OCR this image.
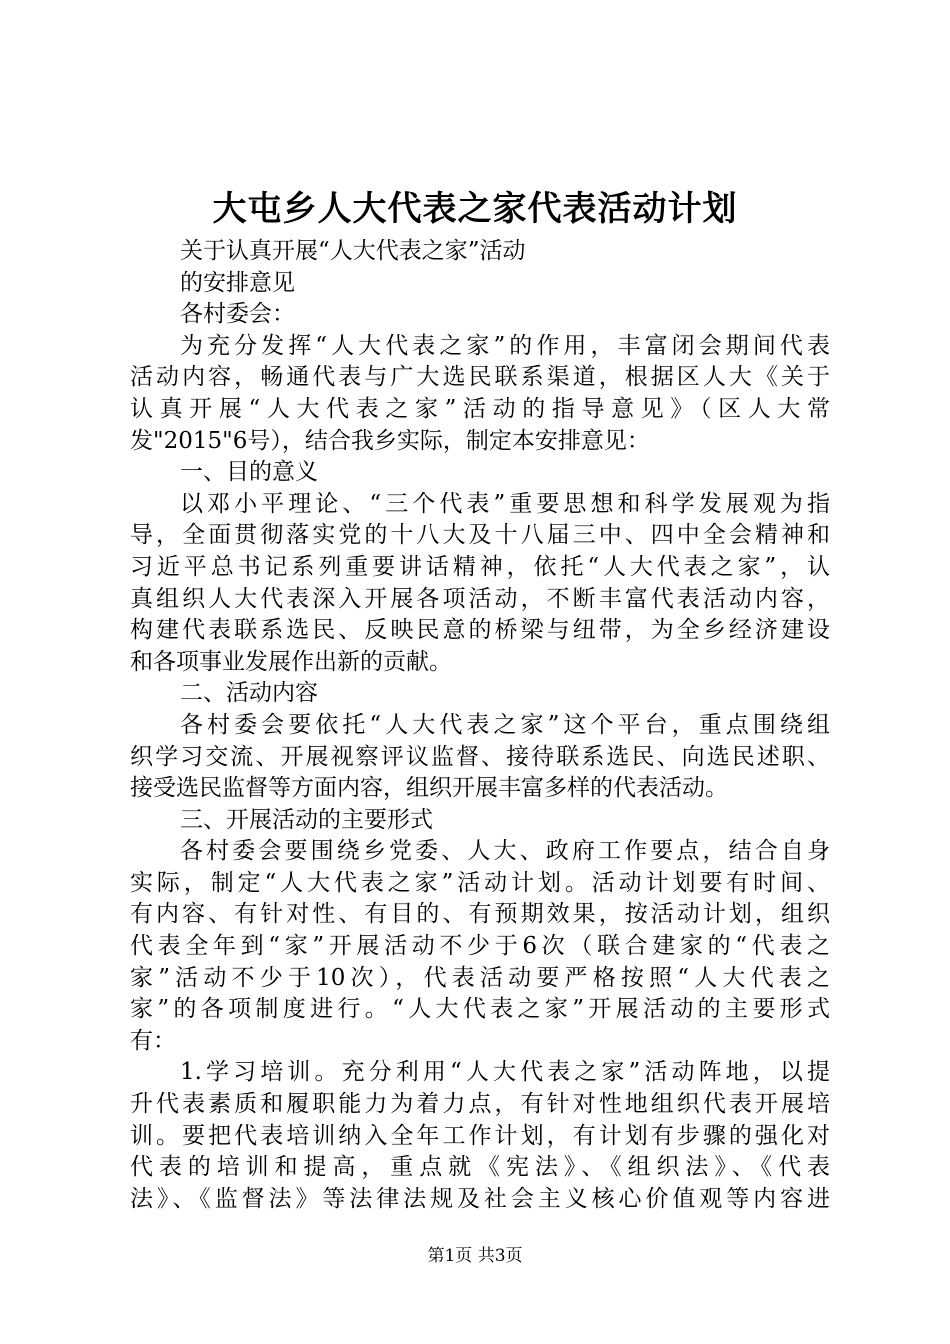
大屯乡人大代表之家代表活动计划
关于认真开展“人大代表之家”活动
的安排意见
各村委会：
为充分发挥“人大代表之家”的作用，丰富闭会期间代表
活动内容，畅通代表与广大选民联系渠道，根据区人大《关于
认真开展“人大代表之家”活动的指导意见》（区人大常
发"2015"6号），结合我乡实际，制定本安排意见：
一、目的意义
以邓小平理论、“三个代表”重要思想和科学发展观为指
导，全面贯彻落实党的十八大及十八届三中、四中全会精神和
习近平总书记系列重要讲话精神，依托“人大代表之家”，认
真组织人大代表深入开展各项活动，不断丰富代表活动内容，
构建代表联系选民、反映民意的桥梁与纽带，为全乡经济建设
和各项事业发展作出新的贡献。
二、活动内容
各村委会要依托“人大代表之家”这个平台，重点围绕组
织学习交流、开展视察评议监督、接待联系选民、向选民述职、
接受选民监督等方面内容，组织开展丰富多样的代表活动。
三、开展活动的主要形式
各村委会要围绕乡党委、人大、政府工作要点，结合自身
实际，制定“人大代表之家”活动计划。活动计划要有时间、
有内容、有针对性、有目的、有预期效果，按活动计划，组织
代表全年到“家”开展活动不少于6次（联合建家的“代表之
家”活动不少于10次），代表活动要严格按照“人大代表之
家”的各项制度进行。“人大代表之家”开展活动的主要形式
有：
1.学习培训。充分利用“人大代表之家”活动阵地，以提
升代表素质和履职能力为着力点，有针对性地组织代表开展培
训。要把代表培训纳入全年工作计划，有计划有步骤的强化对
代表的培训和提高，重点就《宪法》、《组织法》、《代表
法》、《监督法》等法律法规及社会主义核心价值观等内容进
第1页 共3页
